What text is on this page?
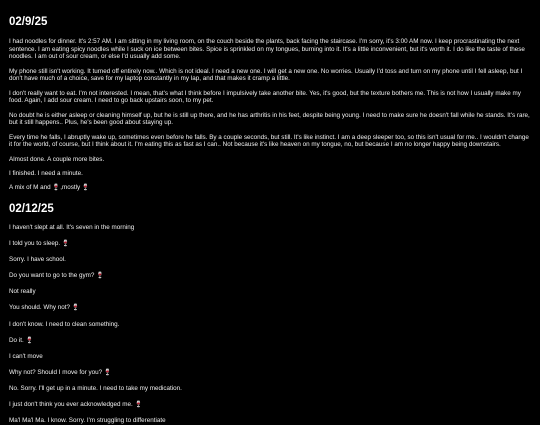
02/9/25

I had noodles for dinner. It's 2:57 AM. I am sitting in my living room, on the couch beside the plants, back facing the staircase. I'm sorry, it's 3:00 AM now. I keep procrastinating the next sentence. I am eating spicy noodles while I suck on ice between bites. Spice is sprinkled on my tongues, burning into it. It's a little inconvenient, but it's worth it. I do like the taste of these noodles. I am out of sour cream, or else I'd usually add some.

My phone still isn't working. It turned off entirely now.. Which is not ideal. I need a new one. I will get a new one. No worries. Usually I'd toss and turn on my phone until I fell asleep, but I don't have much of a choice, save for my laptop constantly in my lap, and that makes it cramp a little.

I don't really want to eat. I'm not interested. I mean, that's what I think before I impulsively take another bite. Yes, it's good, but the texture bothers me. This is not how I usually make my food. Again, I add sour cream. I need to go back upstairs soon, to my pet.

No doubt he is either asleep or cleaning himself up, but he is still up there, and he has arthritis in his feet, despite being young. I need to make sure he doesn't fall while he stands. It's rare, but it still happens.. Plus, he's been good about staying up.

Every time he falls, I abruptly wake up, sometimes even before he falls. By a couple seconds, but still. It's like instinct. I am a deep sleeper too, so this isn't usual for me.. I wouldn't change it for the world, of course, but I think about it. I'm eating this as fast as I can.. Not because it's like heaven on my tongue, no, but because I am no longer happy being downstairs.

Almost done. A couple more bites.

I finished. I need a minute.

A mix of M and 🍷,mostly 🍷

02/12/25

I haven't slept at all. It's seven in the morning

I told you to sleep. 🍷

Sorry. I have school.

Do you want to go to the gym? 🍷

Not really

You should. Why not? 🍷

I don't know. I need to clean something.

Do it. 🍷

I can't move

Why not? Should I move for you? 🍷

No. Sorry. I'll get up in a minute. I need to take my medication.

I just don't think you ever acknowledged me. 🍷

Ma'l Ma'l Ma. I know. Sorry. I'm struggling to differentiate
